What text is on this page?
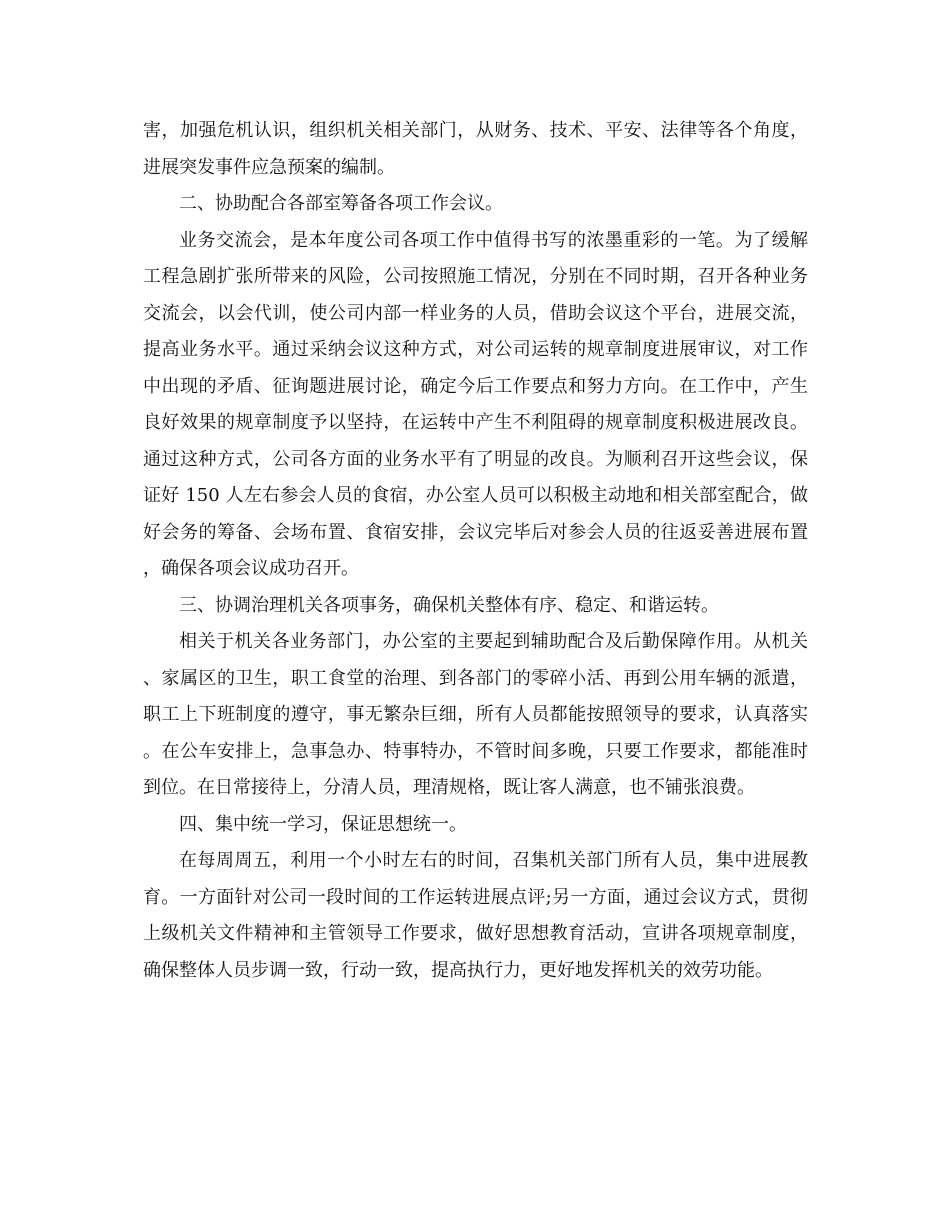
害，加强危机认识，组织机关相关部门，从财务、技术、平安、法律等各个角度，进展突发事件应急预案的编制。

二、协助配合各部室筹备各项工作会议。

业务交流会，是本年度公司各项工作中值得书写的浓墨重彩的一笔。为了缓解工程急剧扩张所带来的风险，公司按照施工情况，分别在不同时期，召开各种业务交流会，以会代训，使公司内部一样业务的人员，借助会议这个平台，进展交流，提高业务水平。通过采纳会议这种方式，对公司运转的规章制度进展审议，对工作中出现的矛盾、征询题进展讨论，确定今后工作要点和努力方向。在工作中，产生良好效果的规章制度予以坚持，在运转中产生不利阻碍的规章制度积极进展改良。通过这种方式，公司各方面的业务水平有了明显的改良。为顺利召开这些会议，保证好 150 人左右参会人员的食宿，办公室人员可以积极主动地和相关部室配合，做好会务的筹备、会场布置、食宿安排，会议完毕后对参会人员的往返妥善进展布置，确保各项会议成功召开。

三、协调治理机关各项事务，确保机关整体有序、稳定、和谐运转。

相关于机关各业务部门，办公室的主要起到辅助配合及后勤保障作用。从机关、家属区的卫生，职工食堂的治理、到各部门的零碎小活、再到公用车辆的派遣，职工上下班制度的遵守，事无繁杂巨细，所有人员都能按照领导的要求，认真落实。在公车安排上，急事急办、特事特办，不管时间多晚，只要工作要求，都能准时到位。在日常接待上，分清人员，理清规格，既让客人满意，也不铺张浪费。

四、集中统一学习，保证思想统一。

在每周周五，利用一个小时左右的时间，召集机关部门所有人员，集中进展教育。一方面针对公司一段时间的工作运转进展点评;另一方面，通过会议方式，贯彻上级机关文件精神和主管领导工作要求，做好思想教育活动，宣讲各项规章制度，确保整体人员步调一致，行动一致，提高执行力，更好地发挥机关的效劳功能。
